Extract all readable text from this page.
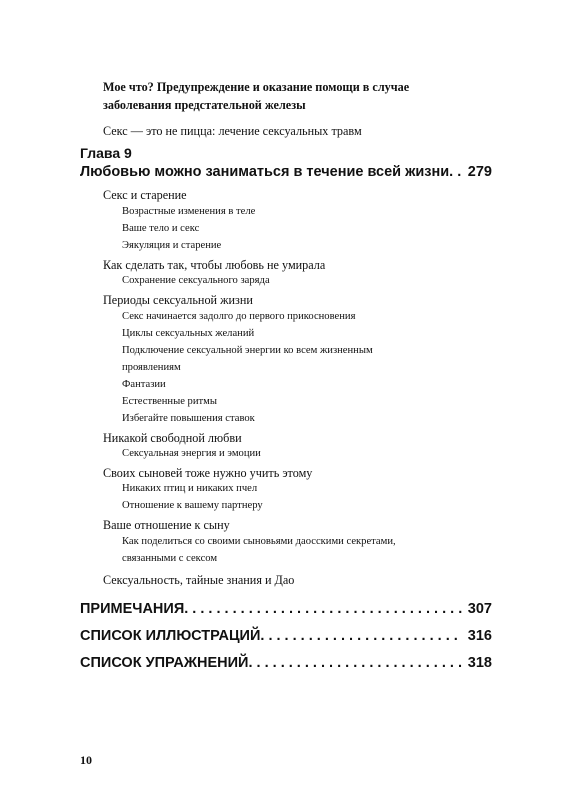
Мое что? Предупреждение и оказание помощи в случае
заболевания предстательной железы
Секс — это не пицца: лечение сексуальных травм
Глава 9
Любовью можно заниматься в течение всей жизни . . .	279
Секс и старение
Возрастные изменения в теле
Ваше тело и секс
Эякуляция и старение
Как сделать так, чтобы любовь не умирала
Сохранение сексуального заряда
Периоды сексуальной жизни
Секс начинается задолго до первого прикосновения
Циклы сексуальных желаний
Подключение сексуальной энергии ко всем жизненным
проявлениям
Фантазии
Естественные ритмы
Избегайте повышения ставок
Никакой свободной любви
Сексуальная энергия и эмоции
Своих сыновей тоже нужно учить этому
Никаких птиц и никаких пчел
Отношение к вашему партнеру
Ваше отношение к сыну
Как поделиться со своими сыновьями даосскими секретами,
связанными с сексом
Сексуальность, тайные знания и Дао
ПРИМЕЧАНИЯ . . .	307
СПИСОК ИЛЛЮСТРАЦИЙ . . .	316
СПИСОК УПРАЖНЕНИЙ . . .	318
10
